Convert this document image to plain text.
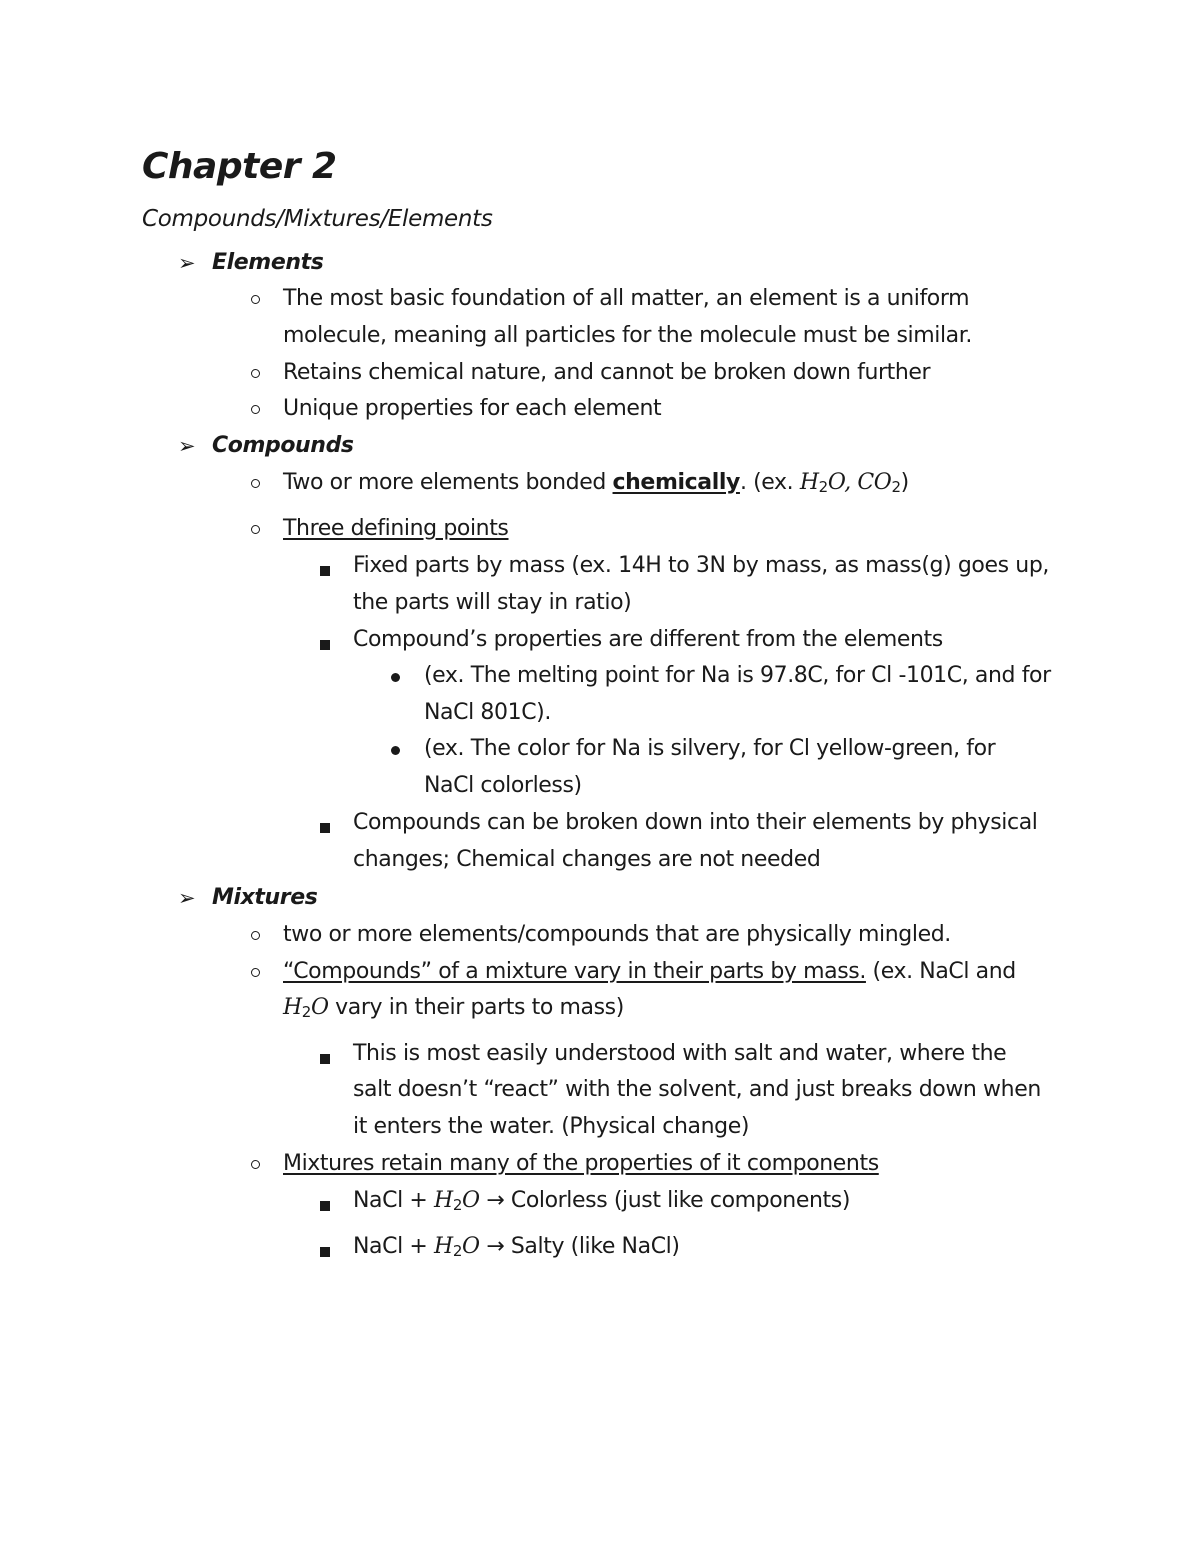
Chapter 2
Compounds/Mixtures/Elements
➢ Elements
The most basic foundation of all matter, an element is a uniform
molecule, meaning all particles for the molecule must be similar.
Retains chemical nature, and cannot be broken down further
Unique properties for each element
➢ Compounds
Two or more elements bonded chemically. (ex. $H_2O$, $CO_2$)
Three defining points
Fixed parts by mass (ex. 14H to 3N by mass, as mass(g) goes up,
the parts will stay in ratio)
Compound’s properties are different from the elements
(ex. The melting point for Na is 97.8C, for Cl -101C, and for
NaCl 801C).
(ex. The color for Na is silvery, for Cl yellow-green, for
NaCl colorless)
Compounds can be broken down into their elements by physical
changes; Chemical changes are not needed
➢ Mixtures
two or more elements/compounds that are physically mingled.
“Compounds” of a mixture vary in their parts by mass. (ex. NaCl and
$H_2O$ vary in their parts to mass)
This is most easily understood with salt and water, where the
salt doesn’t “react” with the solvent, and just breaks down when
it enters the water. (Physical change)
Mixtures retain many of the properties of it components
NaCl + $H_2O$ → Colorless (just like components)
NaCl + $H_2O$ → Salty (like NaCl)
